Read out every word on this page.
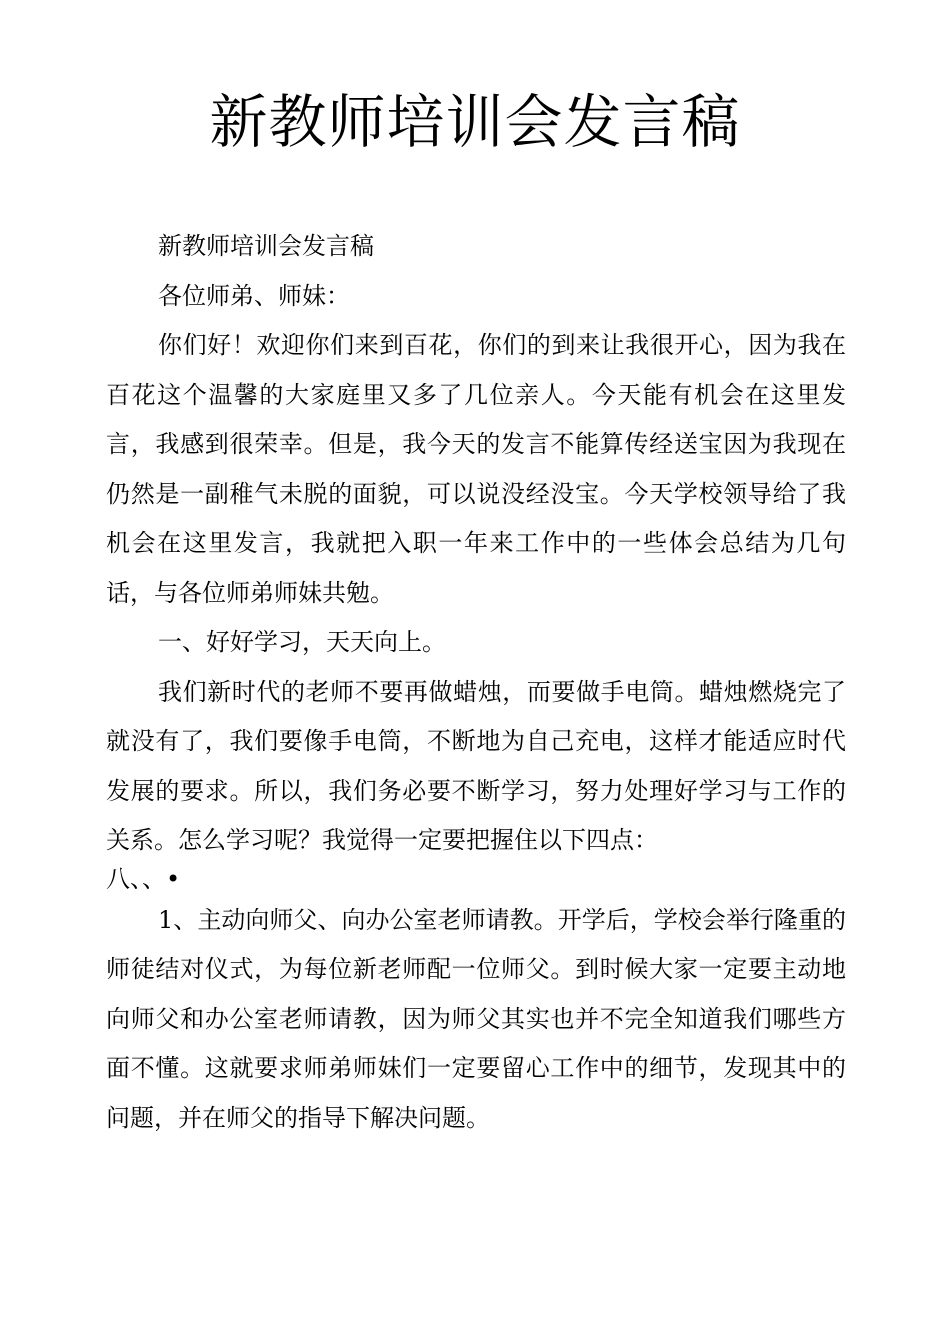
新教师培训会发言稿

新教师培训会发言稿

各位师弟、师妹：

你们好！欢迎你们来到百花，你们的到来让我很开心，因为我在百花这个温馨的大家庭里又多了几位亲人。今天能有机会在这里发言，我感到很荣幸。但是，我今天的发言不能算传经送宝因为我现在仍然是一副稚气未脱的面貌，可以说没经没宝。今天学校领导给了我机会在这里发言，我就把入职一年来工作中的一些体会总结为几句话，与各位师弟师妹共勉。

一、好好学习，天天向上。

我们新时代的老师不要再做蜡烛，而要做手电筒。蜡烛燃烧完了就没有了，我们要像手电筒，不断地为自己充电，这样才能适应时代发展的要求。所以，我们务必要不断学习，努力处理好学习与工作的关系。怎么学习呢？我觉得一定要把握住以下四点：

八、、•

1、主动向师父、向办公室老师请教。开学后，学校会举行隆重的师徒结对仪式，为每位新老师配一位师父。到时候大家一定要主动地向师父和办公室老师请教，因为师父其实也并不完全知道我们哪些方面不懂。这就要求师弟师妹们一定要留心工作中的细节，发现其中的问题，并在师父的指导下解决问题。
